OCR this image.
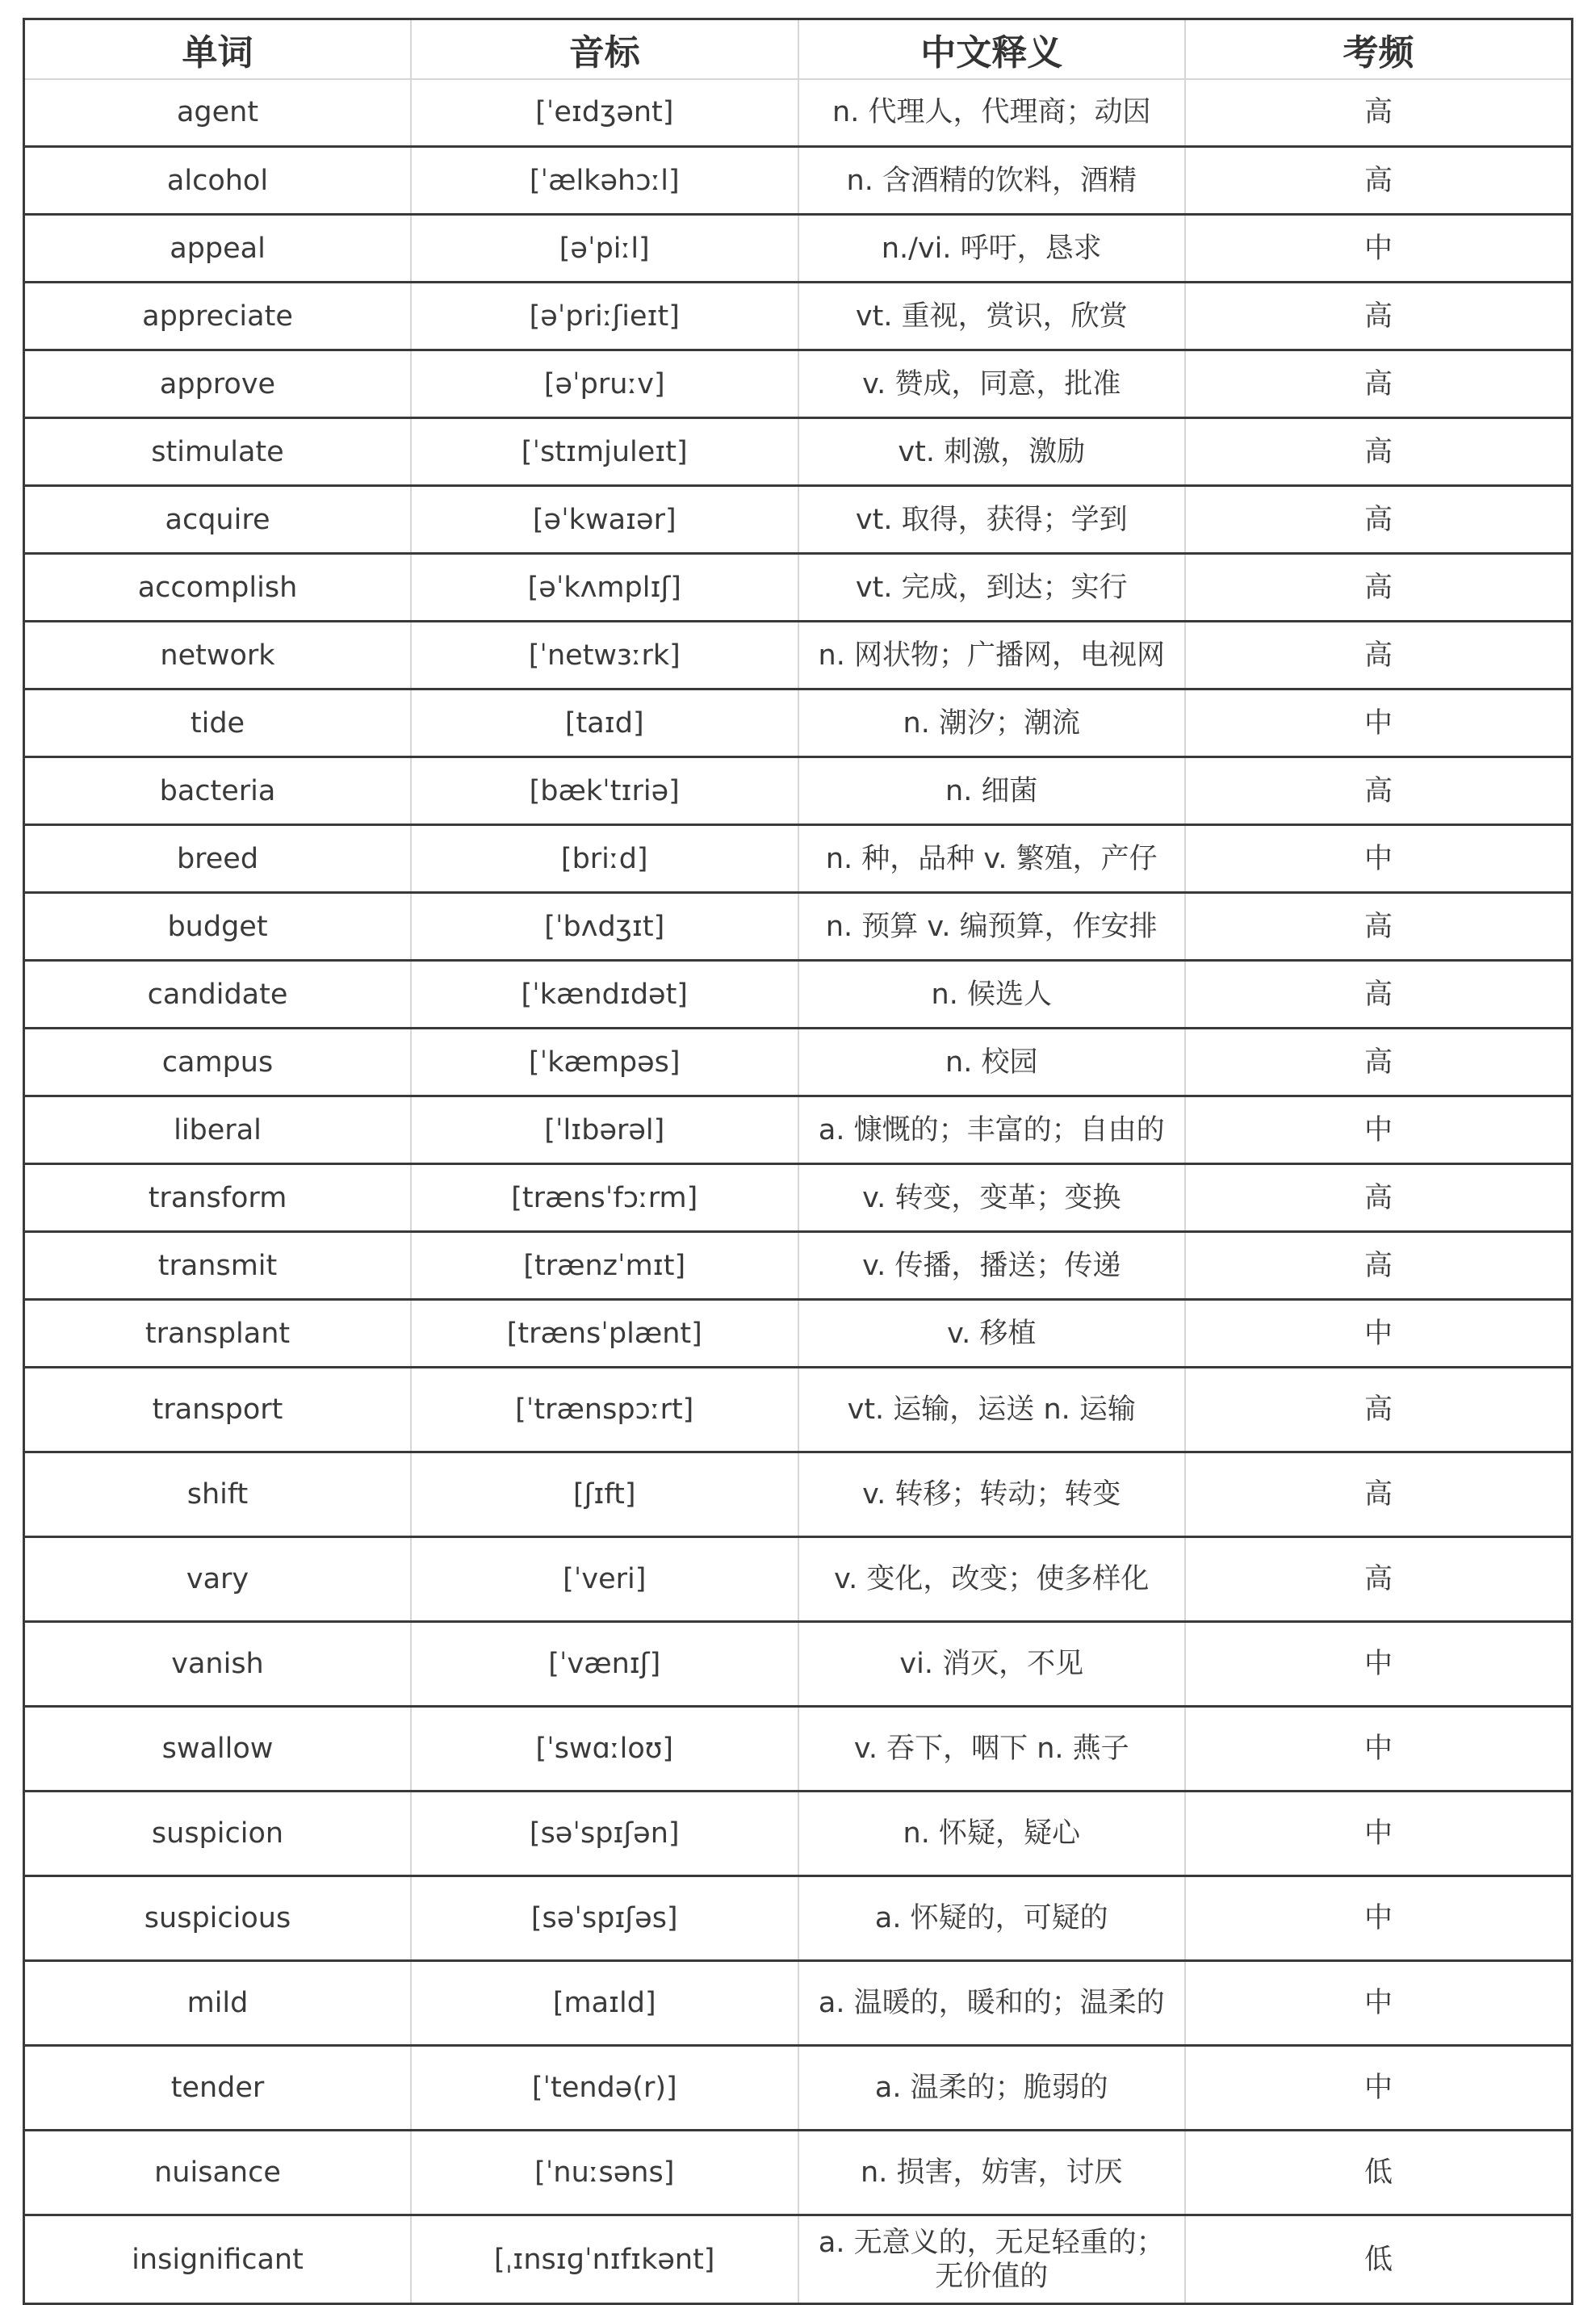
单词	音标	中文释义	考频
agent	[ˈeɪdʒənt]	n. 代理人，代理商；动因	高
alcohol	[ˈælkəhɔːl]	n. 含酒精的饮料，酒精	高
appeal	[əˈpiːl]	n./vi. 呼吁，恳求	中
appreciate	[əˈpriːʃieɪt]	vt. 重视，赏识，欣赏	高
approve	[əˈpruːv]	v. 赞成，同意，批准	高
stimulate	[ˈstɪmjuleɪt]	vt. 刺激，激励	高
acquire	[əˈkwaɪər]	vt. 取得，获得；学到	高
accomplish	[əˈkʌmplɪʃ]	vt. 完成，到达；实行	高
network	[ˈnetwɜːrk]	n. 网状物；广播网，电视网	高
tide	[taɪd]	n. 潮汐；潮流	中
bacteria	[bækˈtɪriə]	n. 细菌	高
breed	[briːd]	n. 种，品种 v. 繁殖，产仔	中
budget	[ˈbʌdʒɪt]	n. 预算 v. 编预算，作安排	高
candidate	[ˈkændɪdət]	n. 候选人	高
campus	[ˈkæmpəs]	n. 校园	高
liberal	[ˈlɪbərəl]	a. 慷慨的；丰富的；自由的	中
transform	[trænsˈfɔːrm]	v. 转变，变革；变换	高
transmit	[trænzˈmɪt]	v. 传播，播送；传递	高
transplant	[trænsˈplænt]	v. 移植	中
transport	[ˈtrænspɔːrt]	vt. 运输，运送 n. 运输	高
shift	[ʃɪft]	v. 转移；转动；转变	高
vary	[ˈveri]	v. 变化，改变；使多样化	高
vanish	[ˈvænɪʃ]	vi. 消灭，不见	中
swallow	[ˈswɑːloʊ]	v. 吞下，咽下 n. 燕子	中
suspicion	[səˈspɪʃən]	n. 怀疑，疑心	中
suspicious	[səˈspɪʃəs]	a. 怀疑的，可疑的	中
mild	[maɪld]	a. 温暖的，暖和的；温柔的	中
tender	[ˈtendə(r)]	a. 温柔的；脆弱的	中
nuisance	[ˈnuːsəns]	n. 损害，妨害，讨厌	低
insignificant	[ˌɪnsɪɡˈnɪfɪkənt]	a. 无意义的，无足轻重的；无价值的	低
